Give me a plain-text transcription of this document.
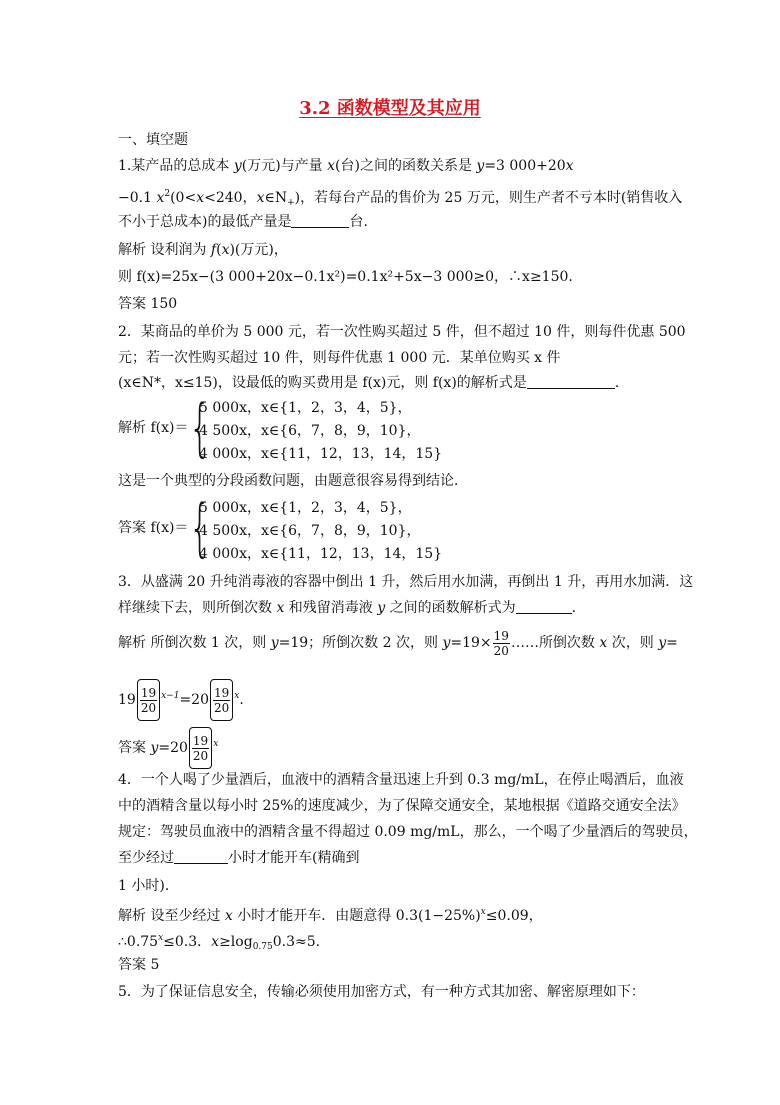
3.2 函数模型及其应用
一、填空题
1.某产品的总成本 y(万元)与产量 x(台)之间的函数关系是 y=3 000+20x
−0.1 $x^2(0<x<240$，$x\in N_+$)，若每台产品的售价为 25 万元，则生产者不亏本时(销售收入
不小于总成本)的最低产量是	台.
解析 设利润为 f(x)(万元)，
则 f(x)=25x−(3 000+20x−0.1x²)=0.1x²+5x−3 000≥0，∴x≥150.
答案 150
2．某商品的单价为 5 000 元，若一次性购买超过 5 件，但不超过 10 件，则每件优惠 500
元；若一次性购买超过 10 件，则每件优惠 1 000 元．某单位购买 x 件
(x∈N*，x≤15)，设最低的购买费用是 f(x)元，则 f(x)的解析式是	.
解析 f(x)＝ {
5 000x，x∈{1，2，3，4，5}，
4 500x，x∈{6，7，8，9，10}，
4 000x，x∈{11，12，13，14，15}
这是一个典型的分段函数问题，由题意很容易得到结论．
答案 f(x)＝ {
5 000x，x∈{1，2，3，4，5}，
4 500x，x∈{6，7，8，9，10}，
4 000x，x∈{11，12，13，14，15}
3．从盛满 20 升纯消毒液的容器中倒出 1 升，然后用水加满，再倒出 1 升，再用水加满．这
样继续下去，则所倒次数 x 和残留消毒液 y 之间的函数解析式为	.
解析 所倒次数 1 次，则 y=19；所倒次数 2 次，则 $y=19\times \frac{19}{20}$ ……所倒次数 x 次，则 y=
$19 \frac{19}{20} ^{x-1}=20 \frac{19}{20} ^x$.
答案 $y=20 \frac{19}{20} ^x$
4．一个人喝了少量酒后，血液中的酒精含量迅速上升到 0.3 mg/mL，在停止喝酒后，血液
中的酒精含量以每小时 25%的速度减少，为了保障交通安全，某地根据《道路交通安全法》
规定：驾驶员血液中的酒精含量不得超过 0.09 mg/mL，那么，一个喝了少量酒后的驾驶员，
至少经过	小时才能开车(精确到
1 小时)．
解析 设至少经过 x 小时才能开车．由题意得 $0.3(1-25\%)^x\le 0.09$，
$\therefore 0.75^x\le 0.3$．$x\ge\log_{0.75}0.3\approx 5$.
答案 5
5．为了保证信息安全，传输必须使用加密方式，有一种方式其加密、解密原理如下：
